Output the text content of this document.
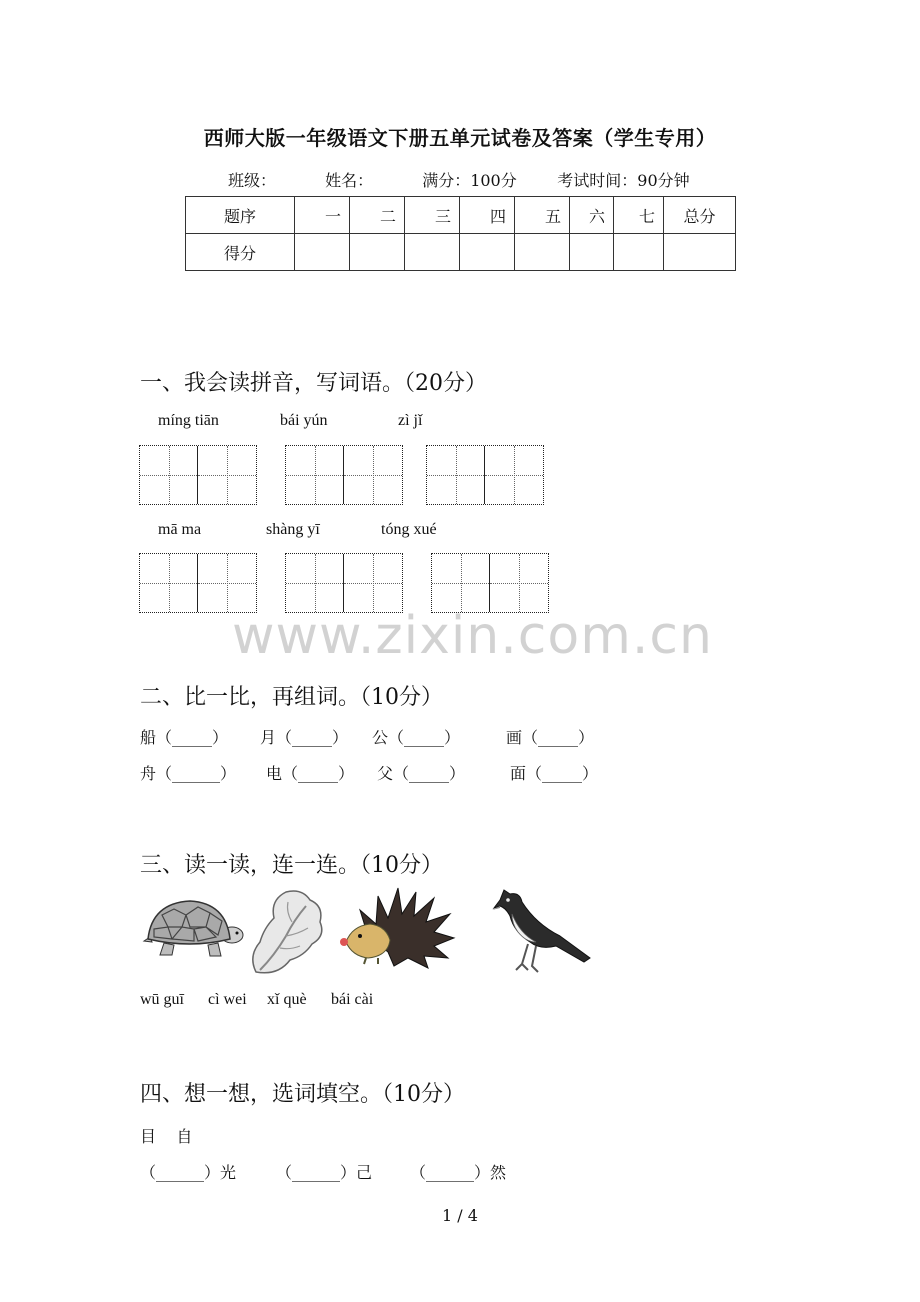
www.zixin.com.cn
西师大版一年级语文下册五单元试卷及答案（学生专用）
班级：	姓名：	满分：100分	考试时间：90分钟
题序	一	二	三	四	五	六	七	总分
得分								
一、我会读拼音，写词语。（20分）
míng tiān	bái yún	zì jǐ
mā ma	shàng yī	tóng xué
二、比一比，再组词。（10分）
船（_____） 月（_____） 公（_____）	画（_____）
舟（______） 电（_____） 父（_____）	面（_____）
三、读一读，连一连。（10分）
wū guī cì wei xǐ què bái cài
四、想一想，选词填空。（10分）
目    自
（______）光 （______）己 （______）然
1 / 4
